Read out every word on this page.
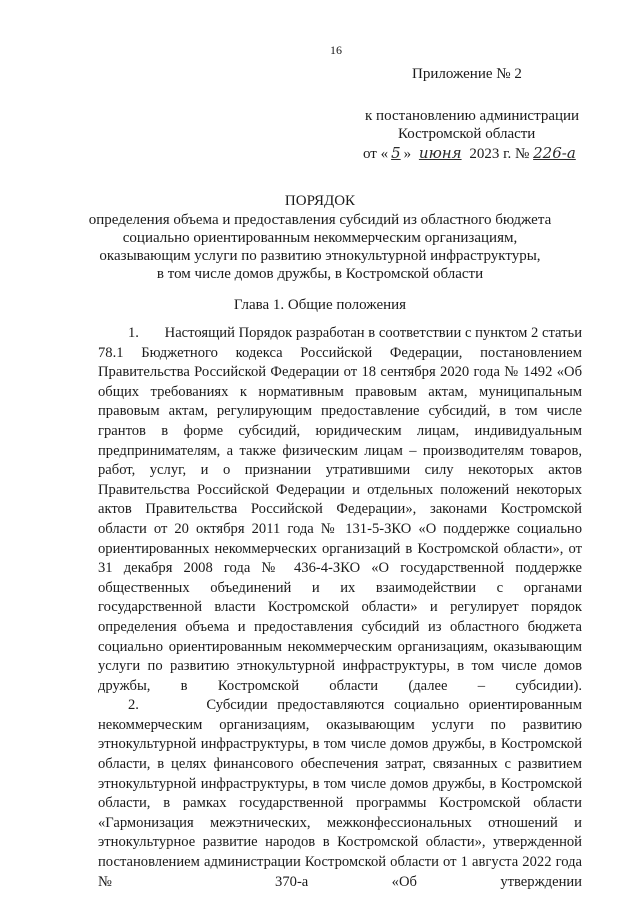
16
Приложение № 2
к постановлению администрации
Костромской области
от « 5 » июня 2023 г. № 226-а
ПОРЯДОК
определения объема и предоставления субсидий из областного бюджета
социально ориентированным некоммерческим организациям,
оказывающим услуги по развитию этнокультурной инфраструктуры,
в том числе домов дружбы, в Костромской области
Глава 1. Общие положения

1.       Настоящий Порядок разработан в соответствии с пунктом 2 статьи 78.1 Бюджетного кодекса Российской Федерации, постановлением Правительства Российской Федерации от 18 сентября 2020 года № 1492 «Об общих требованиях к нормативным правовым актам, муниципальным правовым актам, регулирующим предоставление субсидий, в том числе грантов в форме субсидий, юридическим лицам, индивидуальным предпринимателям, а также физическим лицам – производителям товаров, работ, услуг, и о признании утратившими силу некоторых актов Правительства Российской Федерации и отдельных положений некоторых актов Правительства Российской Федерации», законами Костромской области от 20 октября 2011 года № 131-5-ЗКО «О поддержке социально ориентированных некоммерческих организаций в Костромской области», от 31 декабря 2008 года № 436-4-ЗКО «О государственной поддержке общественных объединений и их взаимодействии с органами государственной власти Костромской области» и регулирует порядок определения объема и предоставления субсидий из областного бюджета социально ориентированным некоммерческим организациям, оказывающим услуги по развитию этнокультурной инфраструктуры, в том числе домов дружбы, в Костромской области (далее – субсидии).

2.       Субсидии предоставляются социально ориентированным некоммерческим организациям, оказывающим услуги по развитию этнокультурной инфраструктуры, в том числе домов дружбы, в Костромской области, в целях финансового обеспечения затрат, связанных с развитием этнокультурной инфраструктуры, в том числе домов дружбы, в Костромской области, в рамках государственной программы Костромской области «Гармонизация межэтнических, межконфессиональных отношений и этнокультурное развитие народов в Костромской области», утвержденной постановлением администрации Костромской области от 1 августа 2022 года № 370-а «Об утверждении
